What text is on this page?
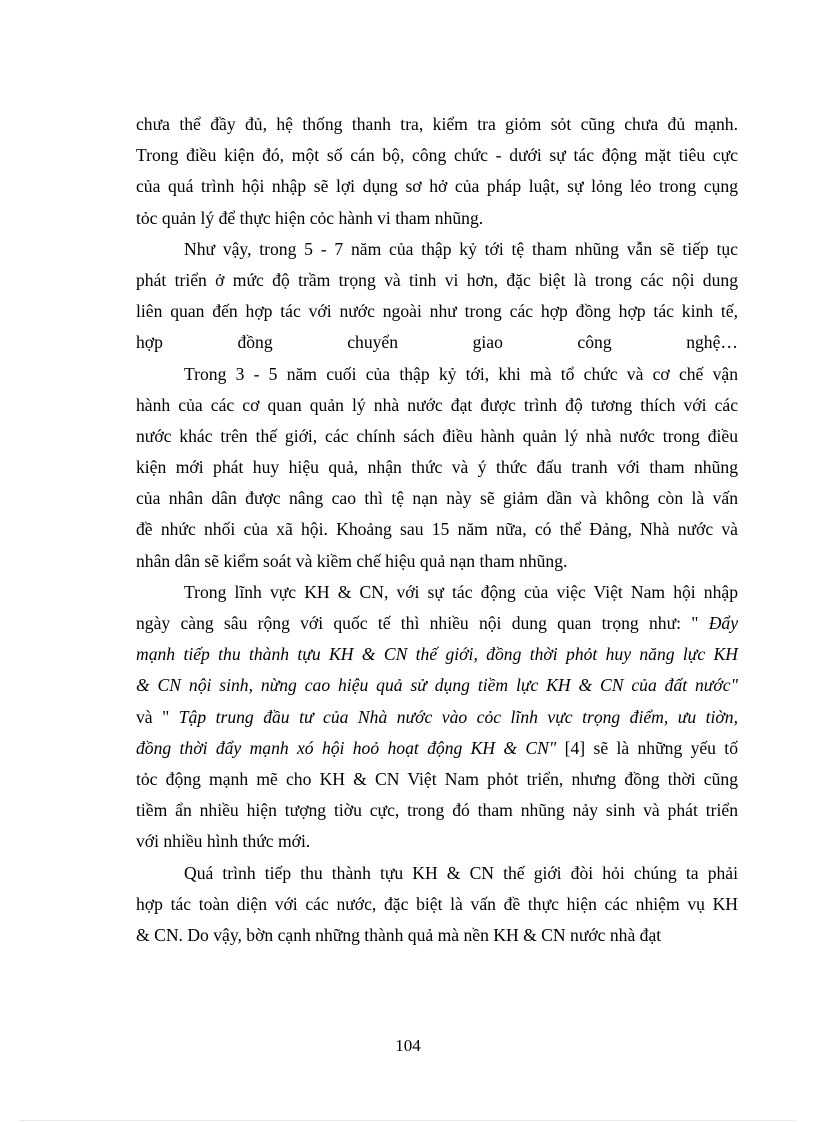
chưa thể đầy đủ, hệ thống thanh tra, kiểm tra giỏm sỏt cũng chưa đủ mạnh.
Trong điều kiện đó, một số cán bộ, công chức - dưới sự tác động mặt tiêu cực
của quá trình hội nhập sẽ lợi dụng sơ hở của pháp luật, sự lỏng lẻo trong cụng
tỏc quản lý để thực hiện cỏc hành vi tham nhũng.
Như vậy, trong 5 - 7 năm của thập kỷ tới tệ tham nhũng vẫn sẽ tiếp tục
phát triển ở mức độ trầm trọng và tinh vi hơn, đặc biệt là trong các nội dung
liên quan đến hợp tác với nước ngoài như trong các hợp đồng hợp tác kinh tế,
hợp đồng chuyển giao công nghệ…
Trong 3 - 5 năm cuối của thập kỷ tới, khi mà tổ chức và cơ chế vận
hành của các cơ quan quản lý nhà nước đạt được trình độ tương thích với các
nước khác trên thế giới, các chính sách điều hành quản lý nhà nước trong điều
kiện mới phát huy hiệu quả, nhận thức và ý thức đấu tranh với tham nhũng
của nhân dân được nâng cao thì tệ nạn này sẽ giảm dần và không còn là vấn
đề nhức nhối của xã hội. Khoảng sau 15 năm nữa, có thể Đảng, Nhà nước và
nhân dân sẽ kiểm soát và kiềm chế hiệu quả nạn tham nhũng.
Trong lĩnh vực KH & CN, với sự tác động của việc Việt Nam hội nhập
ngày càng sâu rộng với quốc tế thì nhiều nội dung quan trọng như: " Đẩy
mạnh tiếp thu thành tựu KH & CN thế giới, đồng thời phỏt huy năng lực KH
& CN nội sinh, nừng cao hiệu quả sử dụng tiềm lực KH & CN của đất nước"
và " Tập trung đầu tư của Nhà nước vào cỏc lĩnh vực trọng điểm, ưu tiờn,
đồng thời đẩy mạnh xó hội hoỏ hoạt động KH & CN" [4] sẽ là những yếu tố
tỏc động mạnh mẽ cho KH & CN Việt Nam phỏt triển, nhưng đồng thời cũng
tiềm ẩn nhiều hiện tượng tiờu cực, trong đó tham nhũng nảy sinh và phát triển
với nhiều hình thức mới.
Quá trình tiếp thu thành tựu KH & CN thế giới đòi hỏi chúng ta phải
hợp tác toàn diện với các nước, đặc biệt là vấn đề thực hiện các nhiệm vụ KH
& CN. Do vậy, bờn cạnh những thành quả mà nền KH & CN nước nhà đạt
104
